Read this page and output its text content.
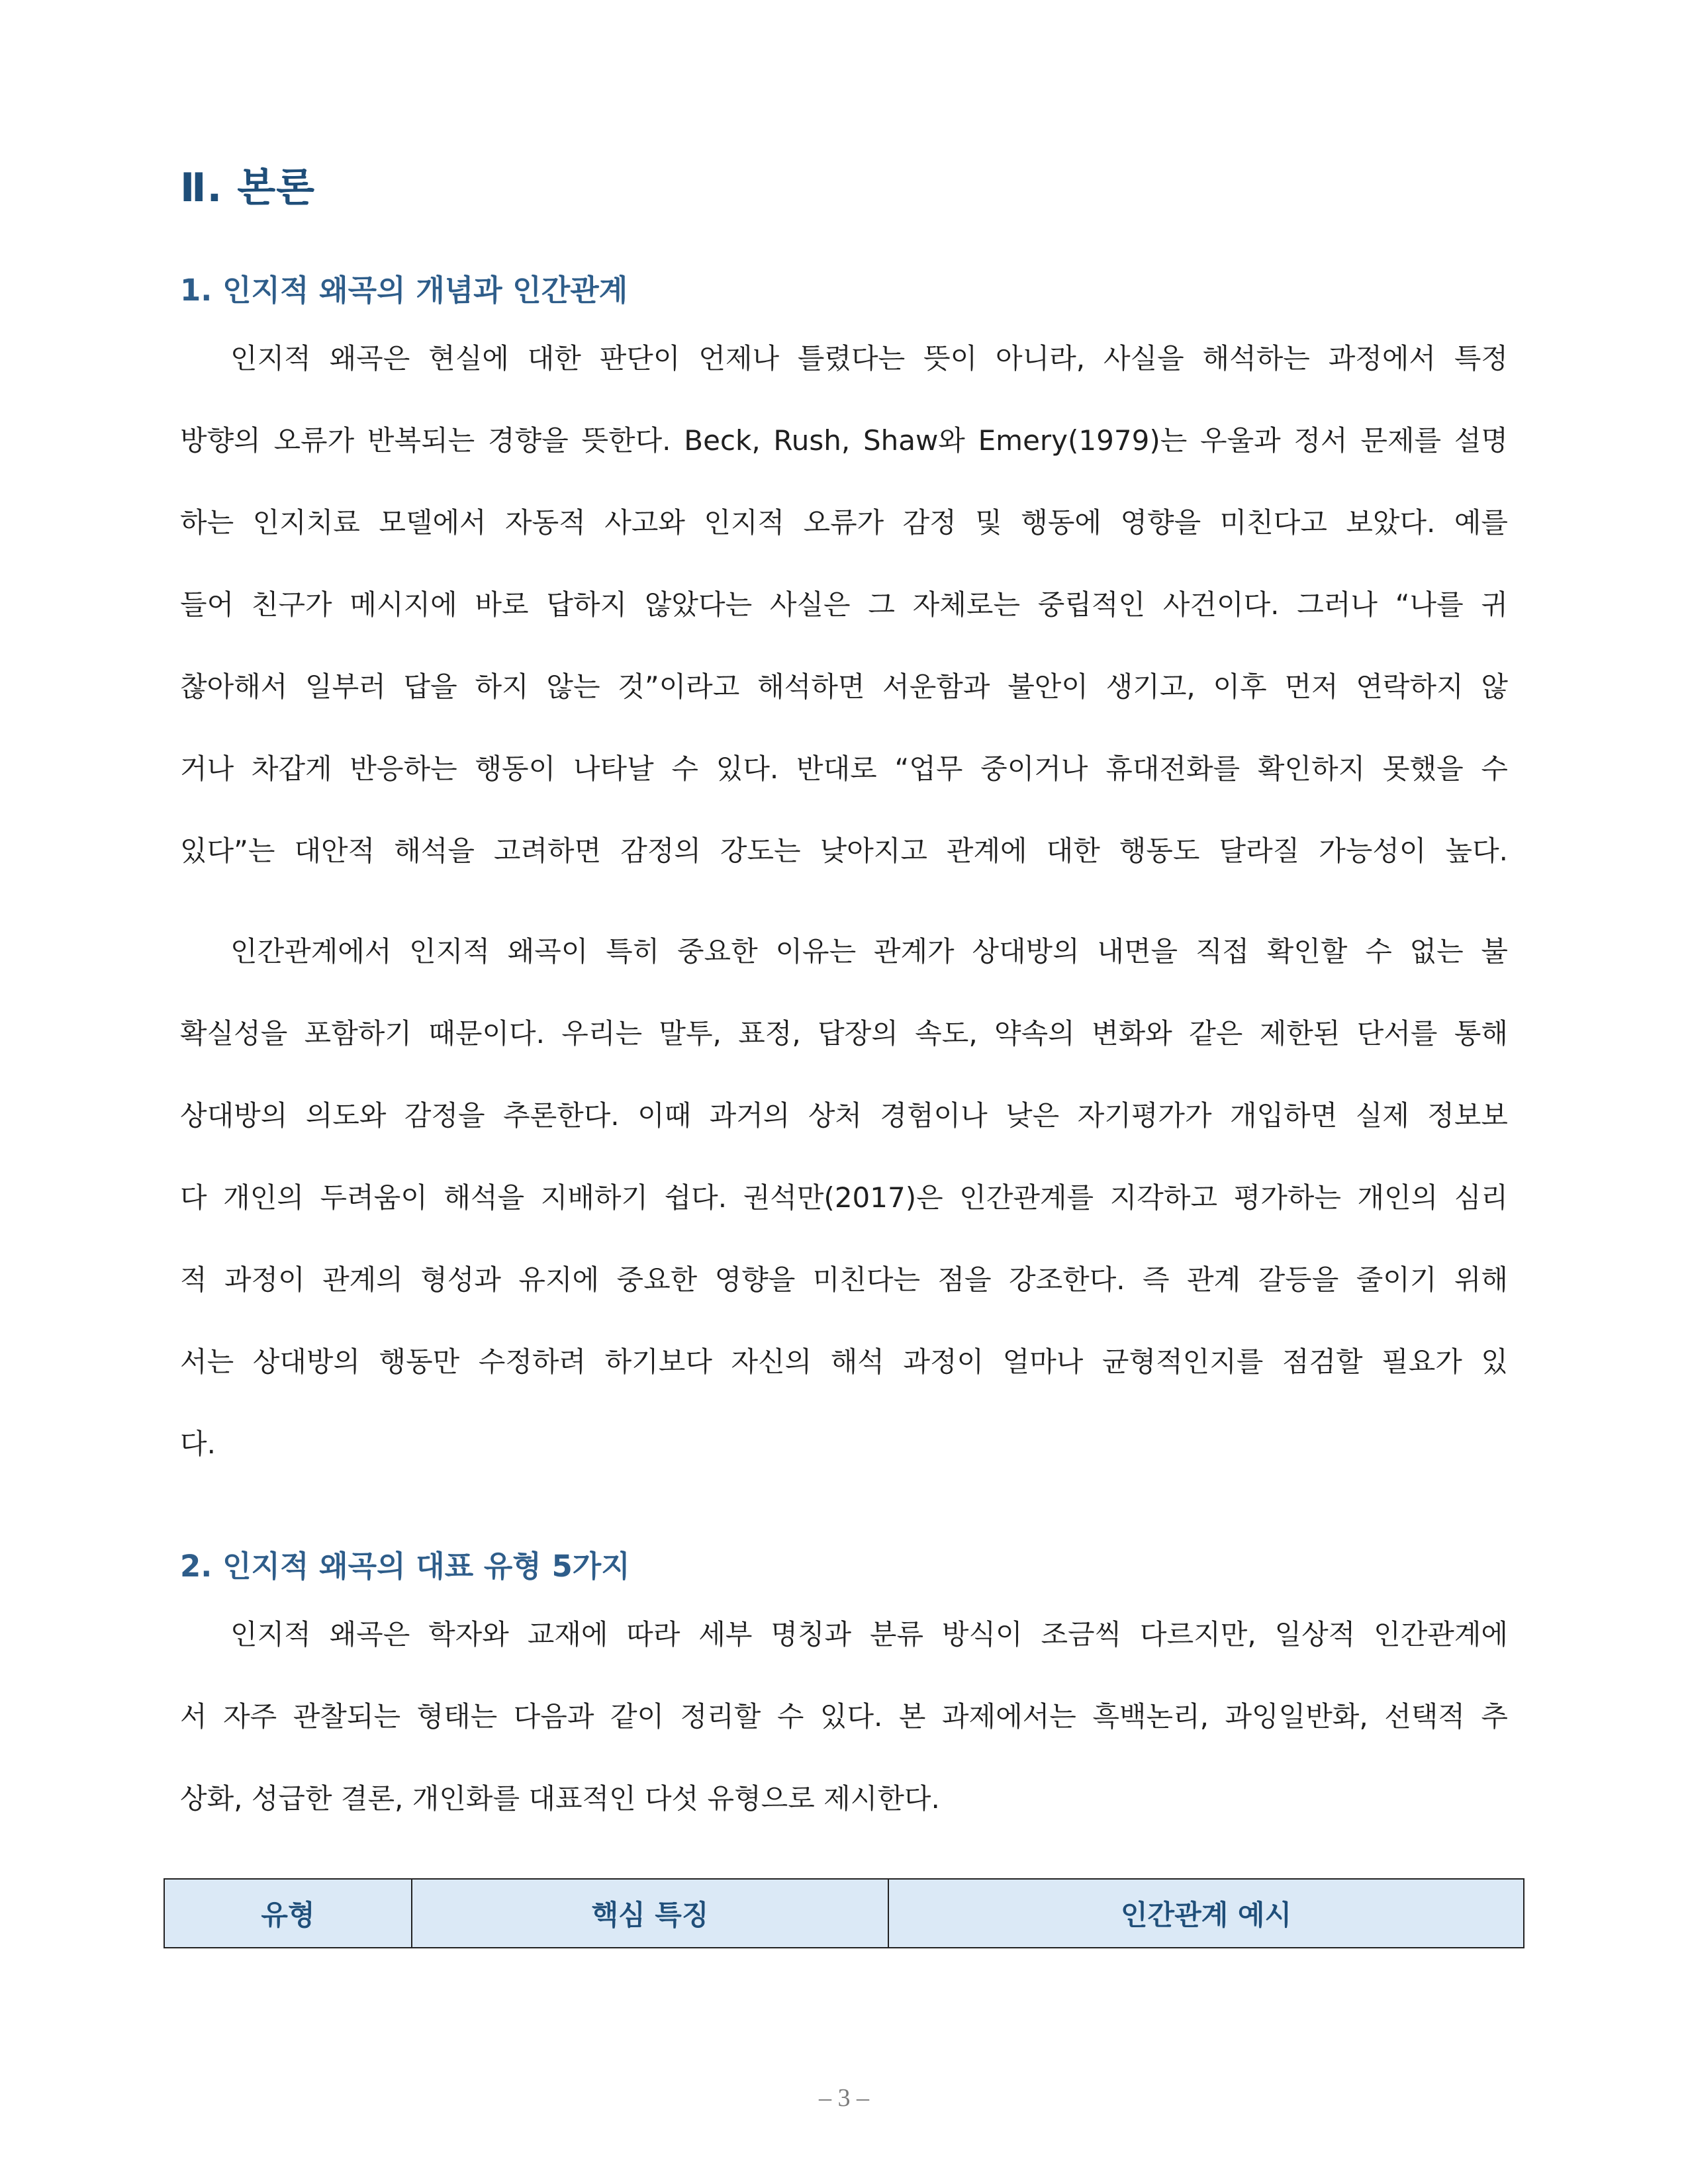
Ⅱ. 본론
1. 인지적 왜곡의 개념과 인간관계

인지적 왜곡은 현실에 대한 판단이 언제나 틀렸다는 뜻이 아니라, 사실을 해석하는 과정에서 특정

방향의 오류가 반복되는 경향을 뜻한다. Beck, Rush, Shaw와 Emery(1979)는 우울과 정서 문제를 설명

하는 인지치료 모델에서 자동적 사고와 인지적 오류가 감정 및 행동에 영향을 미친다고 보았다. 예를

들어 친구가 메시지에 바로 답하지 않았다는 사실은 그 자체로는 중립적인 사건이다. 그러나 “나를 귀

찮아해서 일부러 답을 하지 않는 것”이라고 해석하면 서운함과 불안이 생기고, 이후 먼저 연락하지 않

거나 차갑게 반응하는 행동이 나타날 수 있다. 반대로 “업무 중이거나 휴대전화를 확인하지 못했을 수

있다”는 대안적 해석을 고려하면 감정의 강도는 낮아지고 관계에 대한 행동도 달라질 가능성이 높다.

인간관계에서 인지적 왜곡이 특히 중요한 이유는 관계가 상대방의 내면을 직접 확인할 수 없는 불

확실성을 포함하기 때문이다. 우리는 말투, 표정, 답장의 속도, 약속의 변화와 같은 제한된 단서를 통해

상대방의 의도와 감정을 추론한다. 이때 과거의 상처 경험이나 낮은 자기평가가 개입하면 실제 정보보

다 개인의 두려움이 해석을 지배하기 쉽다. 권석만(2017)은 인간관계를 지각하고 평가하는 개인의 심리

적 과정이 관계의 형성과 유지에 중요한 영향을 미친다는 점을 강조한다. 즉 관계 갈등을 줄이기 위해

서는 상대방의 행동만 수정하려 하기보다 자신의 해석 과정이 얼마나 균형적인지를 점검할 필요가 있

다.

2. 인지적 왜곡의 대표 유형 5가지

인지적 왜곡은 학자와 교재에 따라 세부 명칭과 분류 방식이 조금씩 다르지만, 일상적 인간관계에

서 자주 관찰되는 형태는 다음과 같이 정리할 수 있다. 본 과제에서는 흑백논리, 과잉일반화, 선택적 추

상화, 성급한 결론, 개인화를 대표적인 다섯 유형으로 제시한다.

유형	핵심 특징	인간관계 예시
– 3 –
